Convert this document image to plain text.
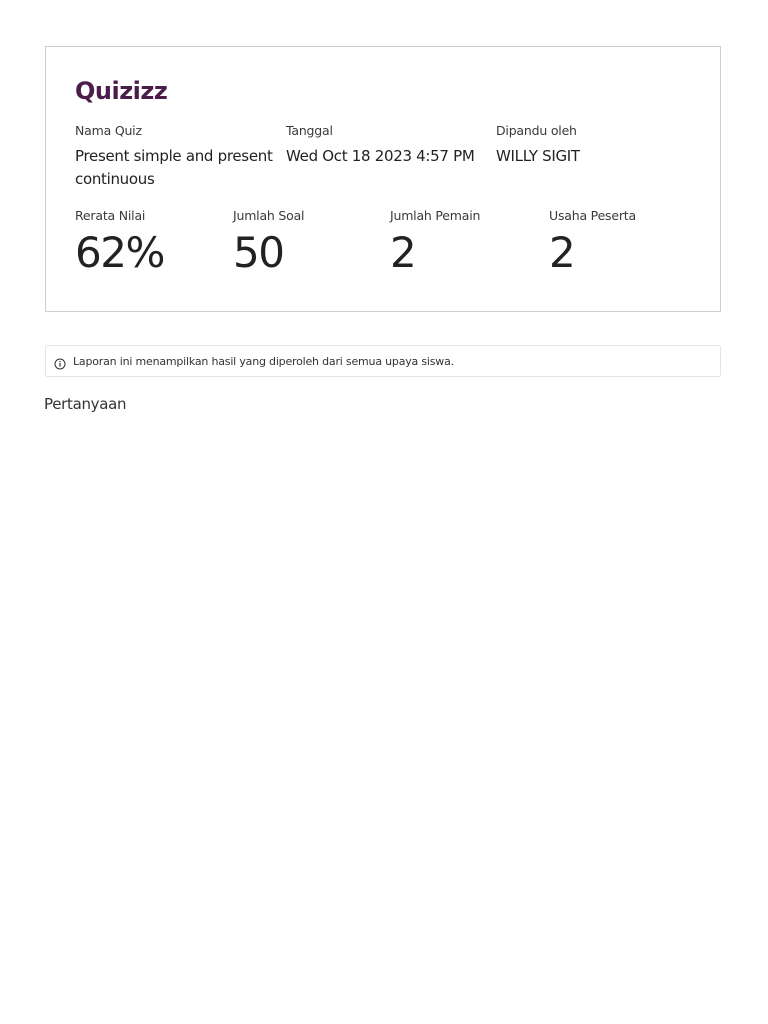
Quizizz
Nama Quiz
Present simple and present continuous
Tanggal
Wed Oct 18 2023 4:57 PM
Dipandu oleh
WILLY SIGIT
Rerata Nilai
62%
Jumlah Soal
50
Jumlah Pemain
2
Usaha Peserta
2
Laporan ini menampilkan hasil yang diperoleh dari semua upaya siswa.
Pertanyaan
